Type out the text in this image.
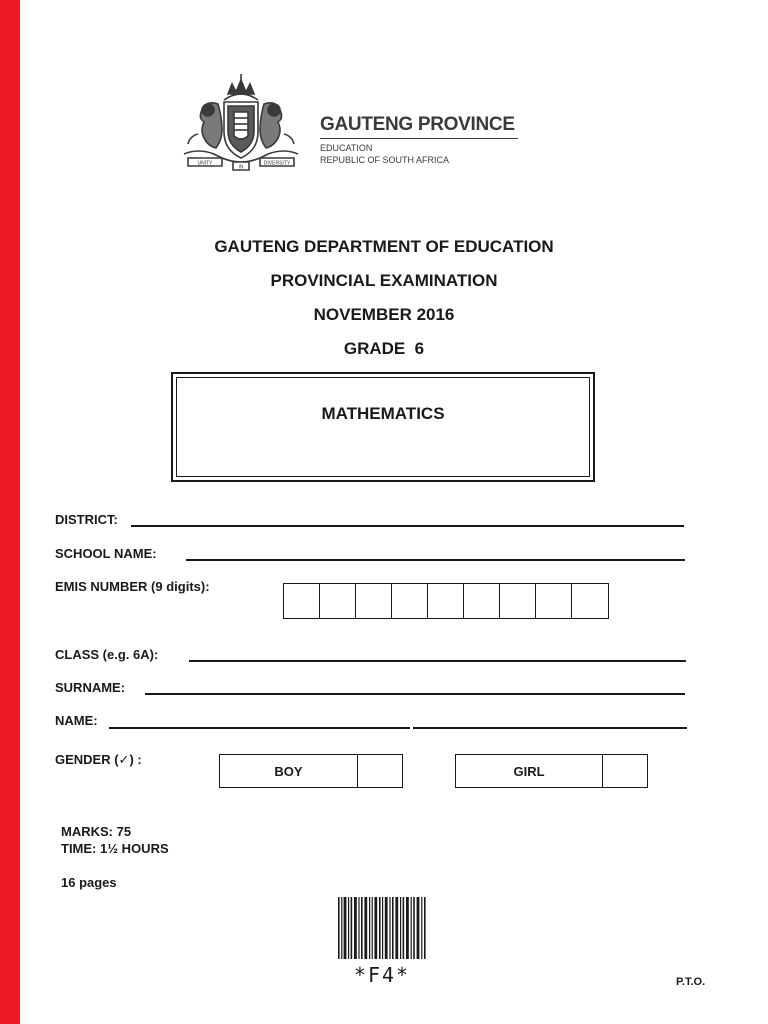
UNITY
IN
DIVERSITY
GAUTENG PROVINCE
EDUCATION
REPUBLIC OF SOUTH AFRICA
GAUTENG DEPARTMENT OF EDUCATION
PROVINCIAL EXAMINATION
NOVEMBER 2016
GRADE  6
MATHEMATICS
DISTRICT:
SCHOOL NAME:
EMIS NUMBER (9 digits):
CLASS (e.g. 6A):
SURNAME:
NAME:
GENDER (✓) :
BOY	GIRL
MARKS: 75
TIME: 1½ HOURS
16 pages
*F4*	P.T.O.
